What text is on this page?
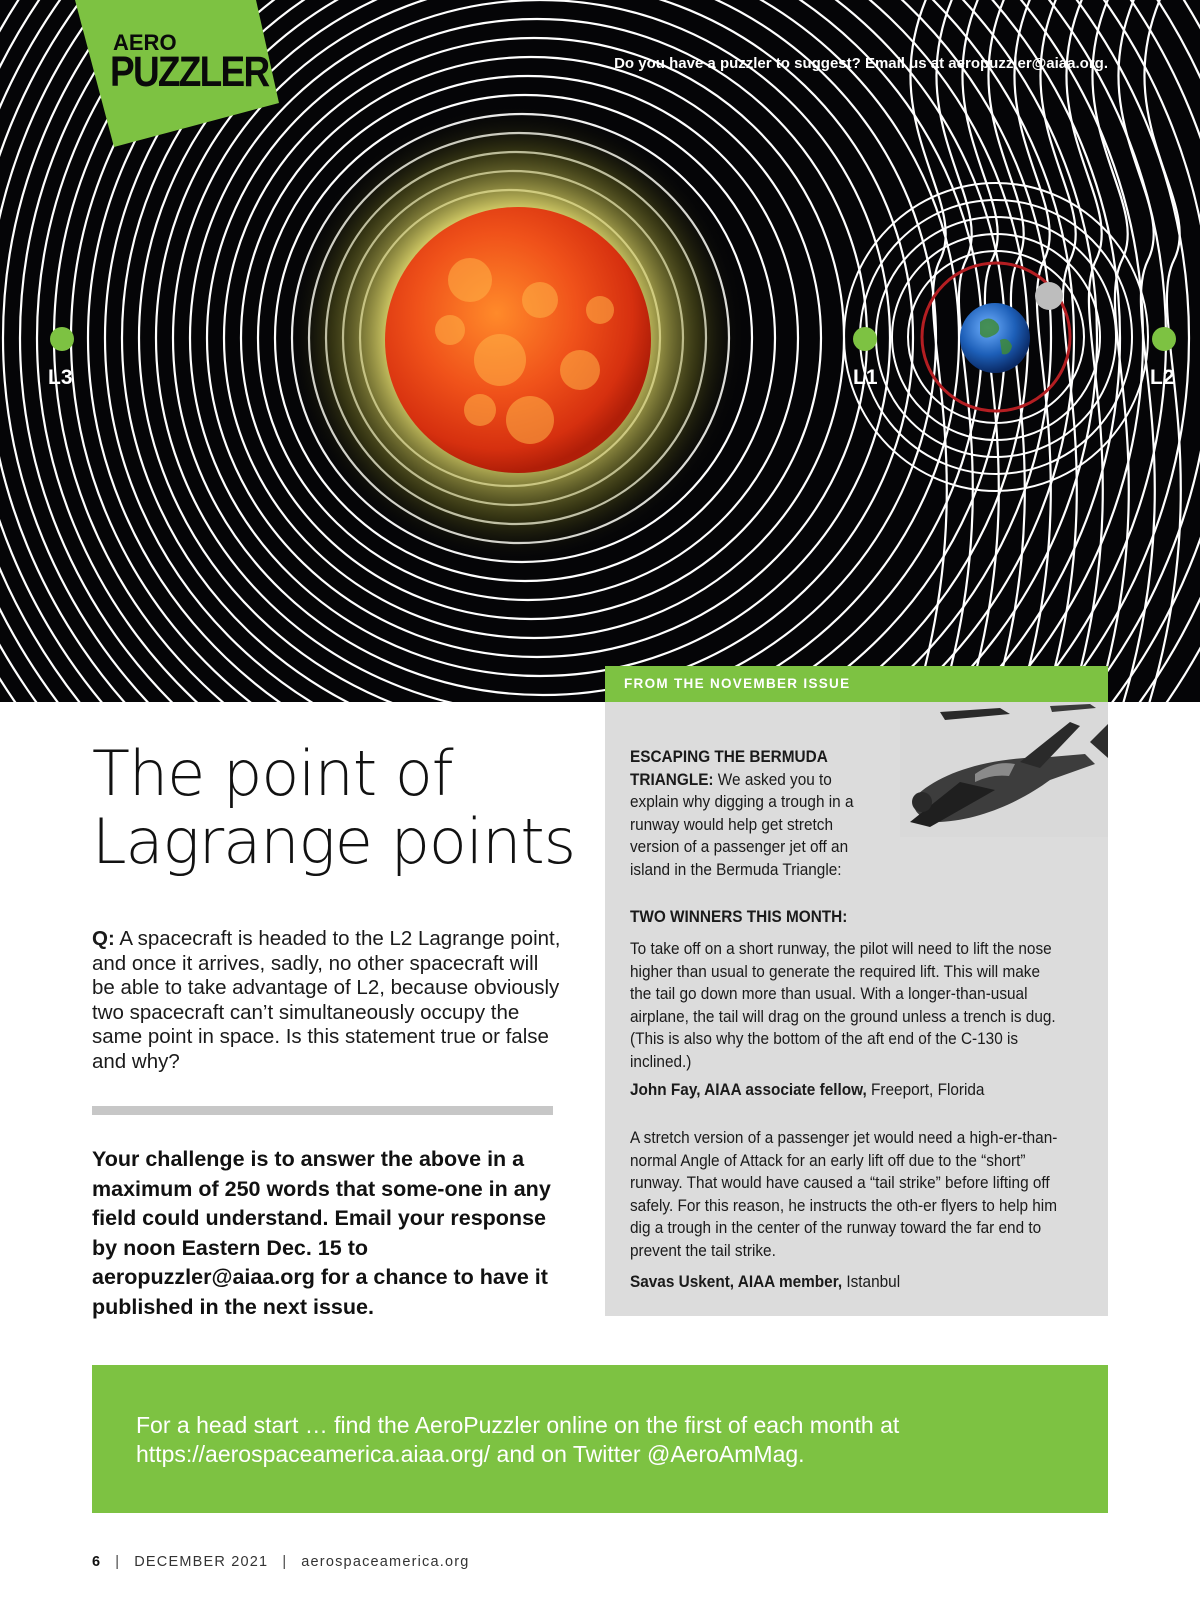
AERO
PUZZLER	Do you have a puzzler to suggest? Email us at aeropuzzler@aiaa.org.
L3	L1	L2
The point of
Lagrange points
Q: A spacecraft is headed to the L2 Lagrange point, and once it arrives, sadly, no other spacecraft will be able to take advantage of L2, because obviously two spacecraft can’t simultaneously occupy the same point in space. Is this statement true or false and why?
Your challenge is to answer the above in a maximum of 250 words that some-one in any field could understand. Email your response by noon Eastern Dec. 15 to aeropuzzler@aiaa.org for a chance to have it published in the next issue.
FROM THE NOVEMBER ISSUE
ESCAPING THE BERMUDA TRIANGLE: We asked you to explain why digging a trough in a runway would help get stretch version of a passenger jet off an island in the Bermuda Triangle:
TWO WINNERS THIS MONTH:
To take off on a short runway, the pilot will need to lift the nose higher than usual to generate the required lift. This will make the tail go down more than usual. With a longer-than-usual airplane, the tail will drag on the ground unless a trench is dug. (This is also why the bottom of the aft end of the C-130 is inclined.)
John Fay, AIAA associate fellow, Freeport, Florida
A stretch version of a passenger jet would need a high-er-than-normal Angle of Attack for an early lift off due to the “short” runway. That would have caused a “tail strike” before lifting off safely. For this reason, he instructs the oth-er flyers to help him dig a trough in the center of the runway toward the far end to prevent the tail strike.
Savas Uskent, AIAA member, Istanbul
For a head start … find the AeroPuzzler online on the first of each month at https://aerospaceamerica.aiaa.org/ and on Twitter @AeroAmMag.
6 | DECEMBER 2021 | aerospaceamerica.org
